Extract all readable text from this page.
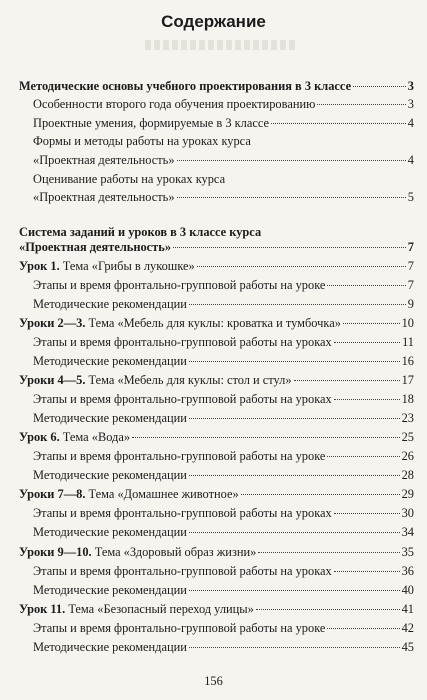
Содержание
Методические основы учебного проектирования в 3 классе	3
Особенности второго года обучения проектированию	3
Проектные умения, формируемые в 3 классе	4
Формы и методы работы на уроках курса
«Проектная деятельность»	4
Оценивание работы на уроках курса
«Проектная деятельность»	5
Система заданий и уроков в 3 классе курса
«Проектная деятельность»	7
Урок 1. Тема «Грибы в лукошке»	7
Этапы и время фронтально-групповой работы на уроке	7
Методические рекомендации	9
Уроки 2—3. Тема «Мебель для куклы: кроватка и тумбочка»	10
Этапы и время фронтально-групповой работы на уроках	11
Методические рекомендации	16
Уроки 4—5. Тема «Мебель для куклы: стол и стул»	17
Этапы и время фронтально-групповой работы на уроках	18
Методические рекомендации	23
Урок 6. Тема «Вода»	25
Этапы и время фронтально-групповой работы на уроке	26
Методические рекомендации	28
Уроки 7—8. Тема «Домашнее животное»	29
Этапы и время фронтально-групповой работы на уроках	30
Методические рекомендации	34
Уроки 9—10. Тема «Здоровый образ жизни»	35
Этапы и время фронтально-групповой работы на уроках	36
Методические рекомендации	40
Урок 11. Тема «Безопасный переход улицы»	41
Этапы и время фронтально-групповой работы на уроке	42
Методические рекомендации	45
156
